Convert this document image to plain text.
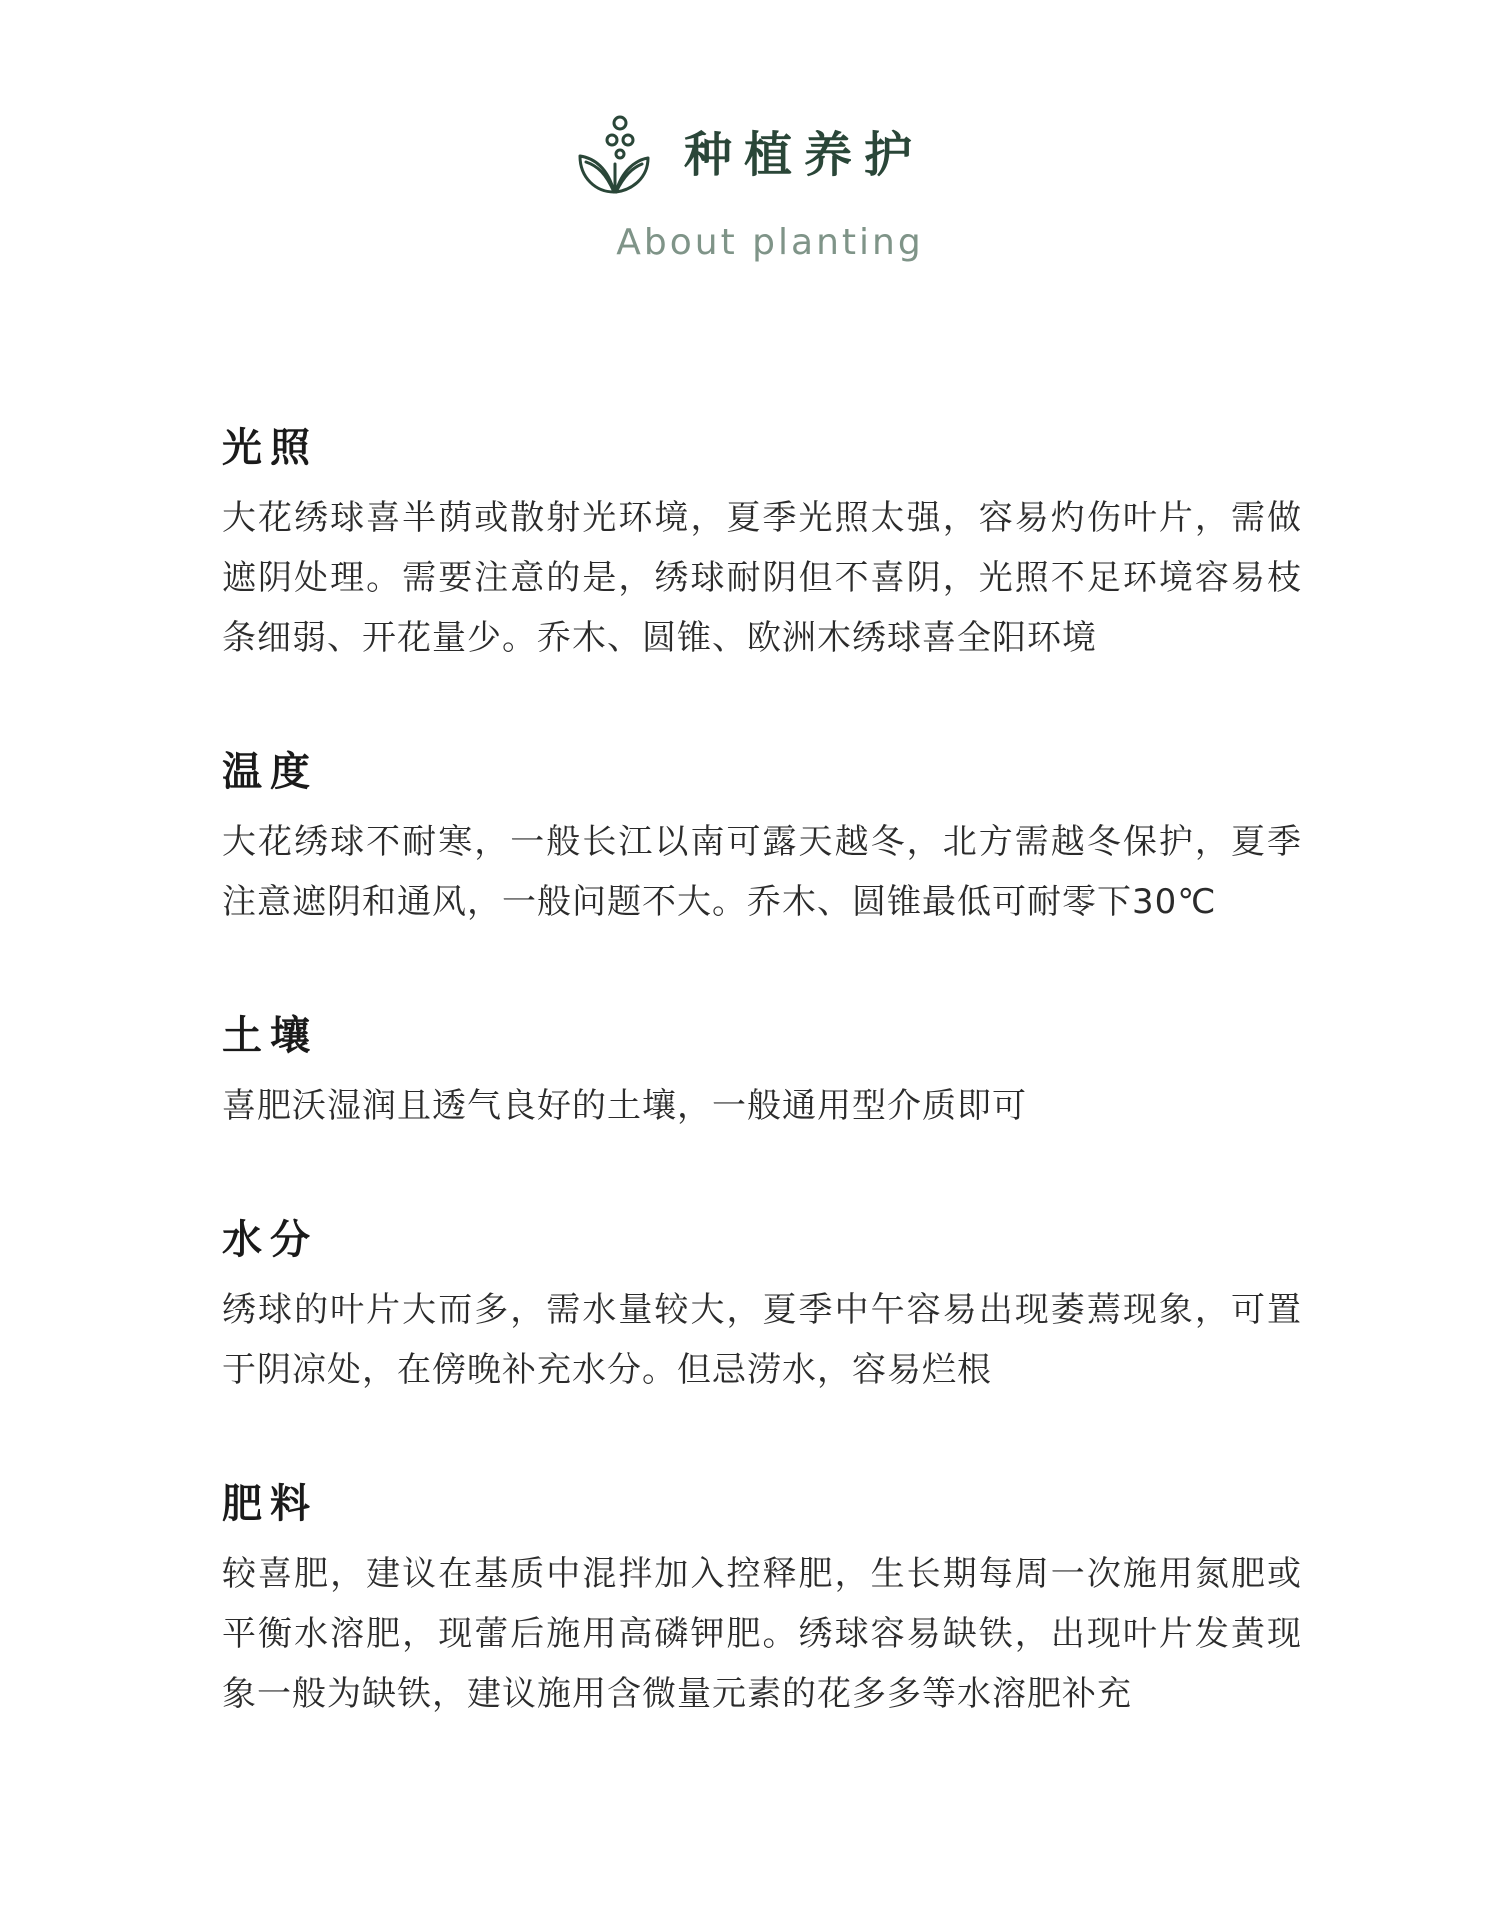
种植养护
About planting
光照

大花绣球喜半荫或散射光环境，夏季光照太强，容易灼伤叶片，需做遮阴处理。需要注意的是，绣球耐阴但不喜阴，光照不足环境容易枝条细弱、开花量少。乔木、圆锥、欧洲木绣球喜全阳环境

温度

大花绣球不耐寒，一般长江以南可露天越冬，北方需越冬保护，夏季注意遮阴和通风，一般问题不大。乔木、圆锥最低可耐零下30℃

土壤

喜肥沃湿润且透气良好的土壤，一般通用型介质即可

水分

绣球的叶片大而多，需水量较大，夏季中午容易出现萎蔫现象，可置于阴凉处，在傍晚补充水分。但忌涝水，容易烂根

肥料

较喜肥，建议在基质中混拌加入控释肥，生长期每周一次施用氮肥或平衡水溶肥，现蕾后施用高磷钾肥。绣球容易缺铁，出现叶片发黄现象一般为缺铁，建议施用含微量元素的花多多等水溶肥补充
